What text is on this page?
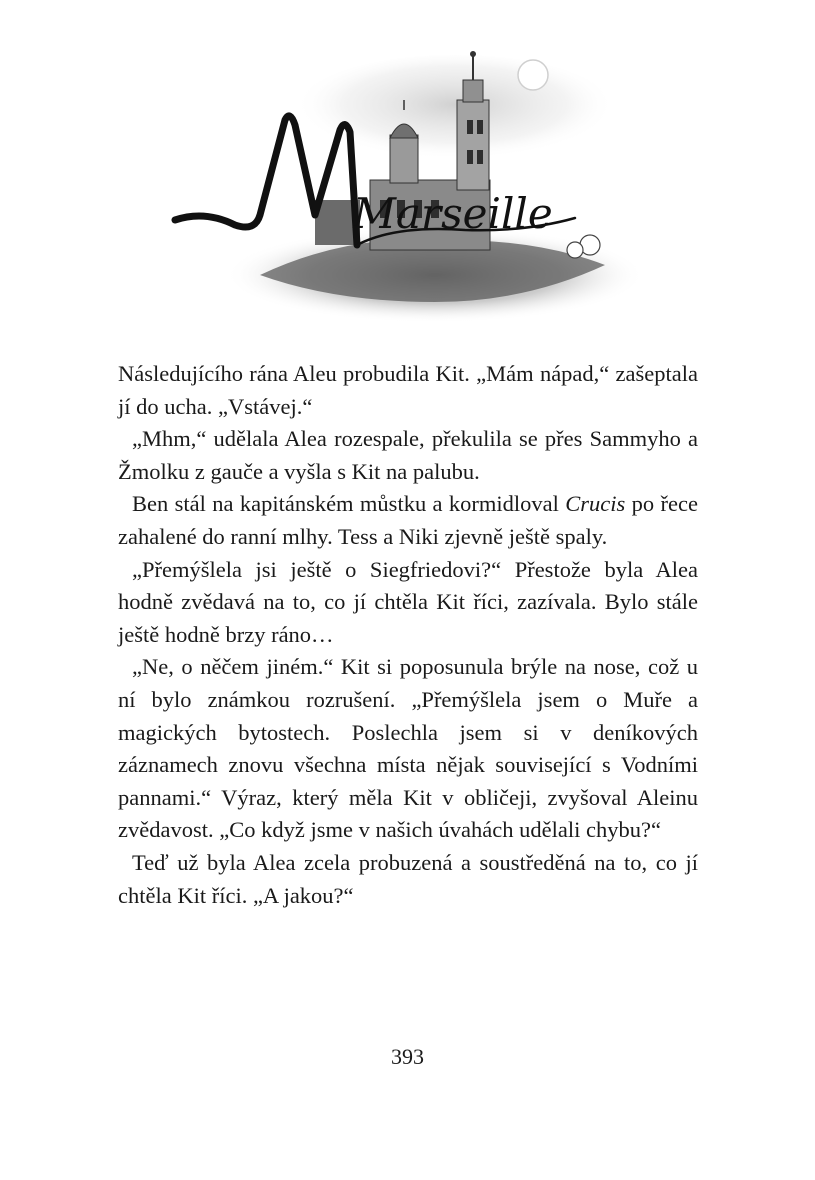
Marseille

Následujícího rána Aleu probudila Kit. „Mám nápad,“ zašeptala jí do ucha. „Vstávej.“

„Mhm,“ udělala Alea rozespale, překulila se přes Sammyho a Žmolku z gauče a vyšla s Kit na palubu.

Ben stál na kapitánském můstku a kormidloval Crucis po řece zahalené do ranní mlhy. Tess a Niki zjevně ještě spaly.

„Přemýšlela jsi ještě o Siegfriedovi?“ Přestože byla Alea hodně zvědavá na to, co jí chtěla Kit říci, zazívala. Bylo stále ještě hodně brzy ráno…

„Ne, o něčem jiném.“ Kit si poposunula brýle na nose, což u ní bylo známkou rozrušení. „Přemýšlela jsem o Muře a magických bytostech. Poslechla jsem si v deníkových záznamech znovu všechna místa nějak související s Vodními pannami.“ Výraz, který měla Kit v obličeji, zvyšoval Aleinu zvědavost. „Co když jsme v našich úvahách udělali chybu?“

Teď už byla Alea zcela probuzená a soustředěná na to, co jí chtěla Kit říci. „A jakou?“

393
